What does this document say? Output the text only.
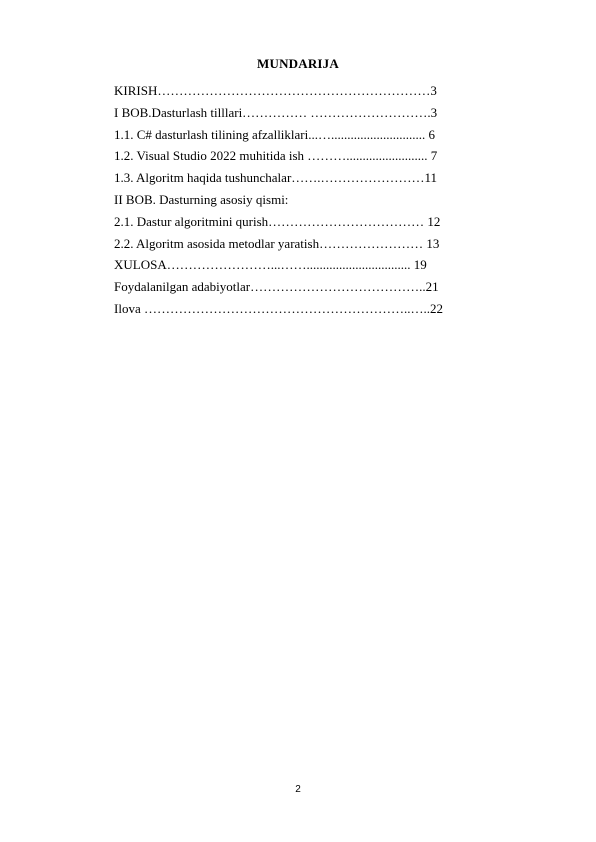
MUNDARIJA
KIRISH………………………………………………………3
I BOB.Dasturlash tilllari…………… ……………………….3
1.1. C# dasturlash tilining afzalliklari...…............................. 6
1.2. Visual Studio 2022 muhitida ish ………......................... 7
1.3. Algoritm haqida tushunchalar…….……………………11
II BOB. Dasturning asosiy qismi:
2.1. Dastur algoritmini qurish……………………………… 12
2.2. Algoritm asosida metodlar yaratish…………………… 13
XULOSA……………………...……................................ 19
Foydalanilgan adabiyotlar…………………………………..21
Ilova ……………………………………………………..…..22
2
